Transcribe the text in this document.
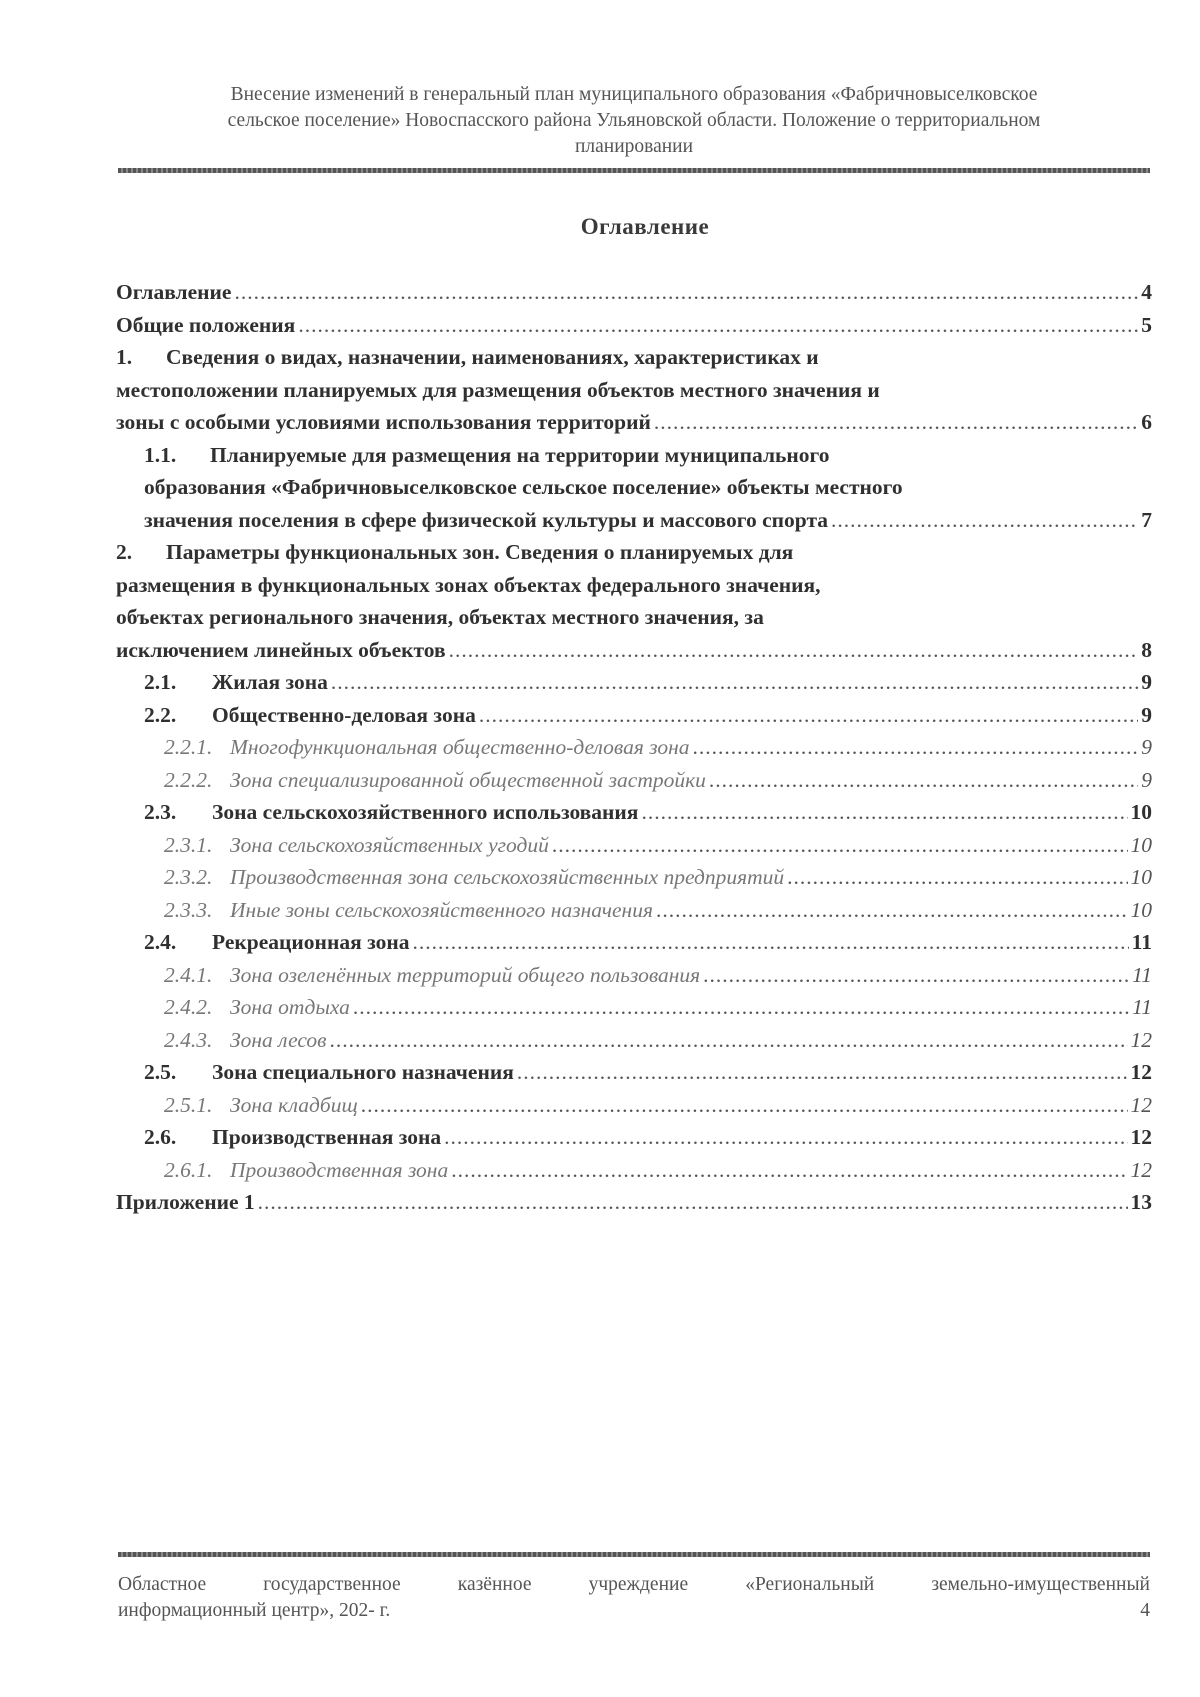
Внесение изменений в генеральный план муниципального образования «Фабричновыселковское
сельское поселение» Новоспасского района Ульяновской области. Положение о территориальном
планировании
Оглавление
Оглавление .....	4
Общие положения .....	5
1. Сведения о видах, назначении, наименованиях, характеристиках и
местоположении планируемых для размещения объектов местного значения и
зоны с особыми условиями использования территорий .....	6
1.1. Планируемые для размещения на территории муниципального
образования «Фабричновыселковское сельское поселение» объекты местного
значения поселения в сфере физической культуры и массового спорта .....	7
2. Параметры функциональных зон. Сведения о планируемых для
размещения в функциональных зонах объектах федерального значения,
объектах регионального значения, объектах местного значения, за
исключением линейных объектов .....	8
2.1. Жилая зона .....	9
2.2. Общественно-деловая зона .....	9
2.2.1. Многофункциональная общественно-деловая зона .....	9
2.2.2. Зона специализированной общественной застройки .....	9
2.3. Зона сельскохозяйственного использования .....	10
2.3.1. Зона сельскохозяйственных угодий .....	10
2.3.2. Производственная зона сельскохозяйственных предприятий .....	10
2.3.3. Иные зоны сельскохозяйственного назначения .....	10
2.4. Рекреационная зона .....	11
2.4.1. Зона озеленённых территорий общего пользования .....	11
2.4.2. Зона отдыха .....	11
2.4.3. Зона лесов .....	12
2.5. Зона специального назначения .....	12
2.5.1. Зона кладбищ .....	12
2.6. Производственная зона .....	12
2.6.1. Производственная зона .....	12
Приложение 1 .....	13
Областное государственное казённое учреждение «Региональный земельно-имущественный
информационный центр», 202- г.	4
